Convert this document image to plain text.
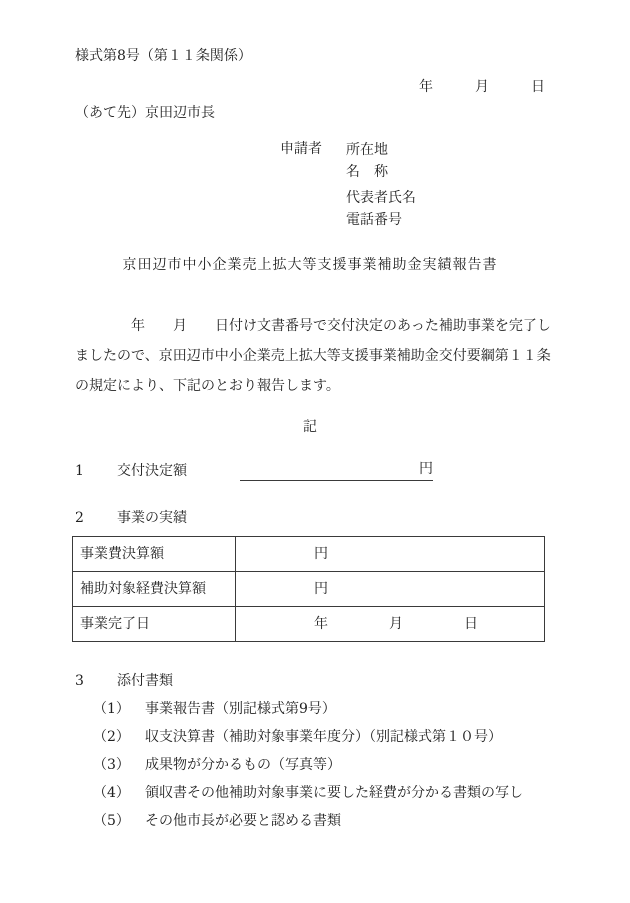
様式第8号（第１１条関係）
年　　　月　　　日
（あて先）京田辺市長
申請者 所在地
名　称
代表者氏名
電話番号
京田辺市中小企業売上拡大等支援事業補助金実績報告書
　　　　年　　月　　日付け文書番号で交付決定のあった補助事業を完了し
ましたので、京田辺市中小企業売上拡大等支援事業補助金交付要綱第１１条
の規定により、下記のとおり報告します。
記
1	交付決定額	円
2	事業の実績
事業費決算額	円
補助対象経費決算額	円
事業完了日	年　　　　月　　　　日
3	添付書類
（1）	事業報告書（別記様式第9号）
（2）	収支決算書（補助対象事業年度分）（別記様式第１０号）
（3）	成果物が分かるもの（写真等）
（4）	領収書その他補助対象事業に要した経費が分かる書類の写し
（5）	その他市長が必要と認める書類
